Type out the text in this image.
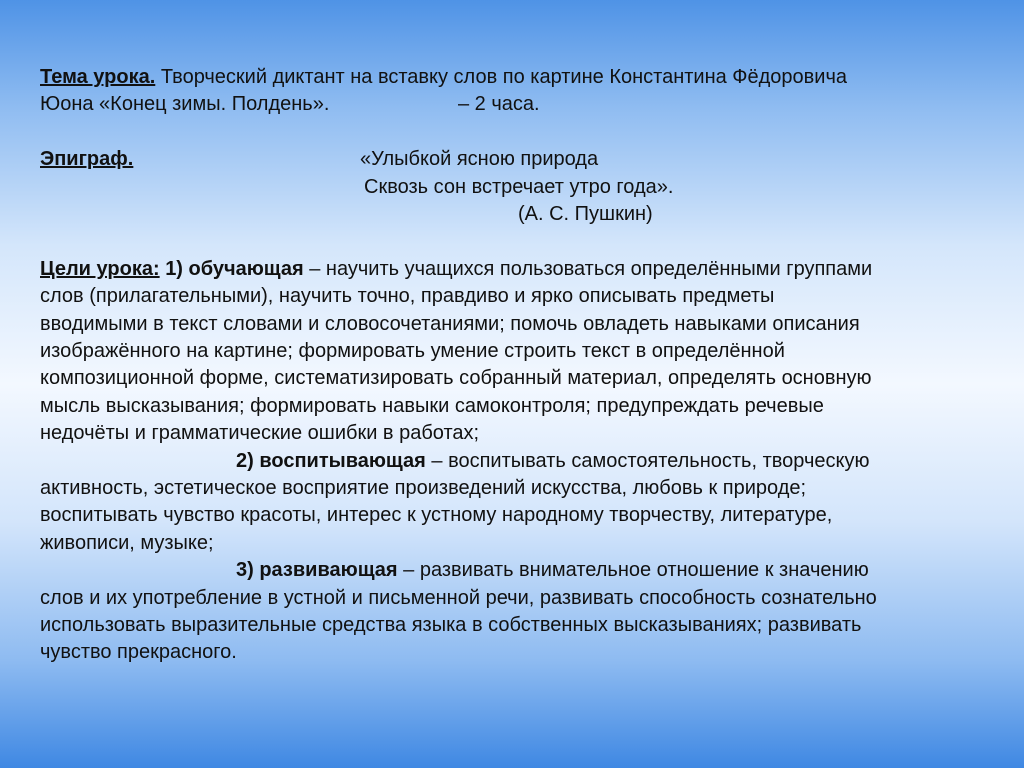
Тема урока. Творческий диктант на вставку слов по картине Константина Фёдоровича
Юона «Конец зимы. Полдень».	– 2 часа.
Эпиграф.	«Улыбкой ясною природа
Сквозь сон встречает утро года».
(А. С. Пушкин)
Цели урока: 1) обучающая – научить учащихся пользоваться определёнными группами
слов (прилагательными), научить точно, правдиво и ярко описывать предметы
вводимыми в текст словами и словосочетаниями; помочь овладеть навыками описания
изображённого на картине; формировать умение строить текст в определённой
композиционной форме, систематизировать собранный материал, определять основную
мысль высказывания; формировать навыки самоконтроля; предупреждать речевые
недочёты и грамматические ошибки в работах;
2) воспитывающая – воспитывать самостоятельность, творческую
активность, эстетическое восприятие произведений искусства, любовь к природе;
воспитывать чувство красоты, интерес к устному народному творчеству, литературе,
живописи, музыке;
3) развивающая – развивать внимательное отношение к значению
слов и их употребление в устной и письменной речи, развивать способность сознательно
использовать выразительные средства языка в собственных высказываниях; развивать
чувство прекрасного.
